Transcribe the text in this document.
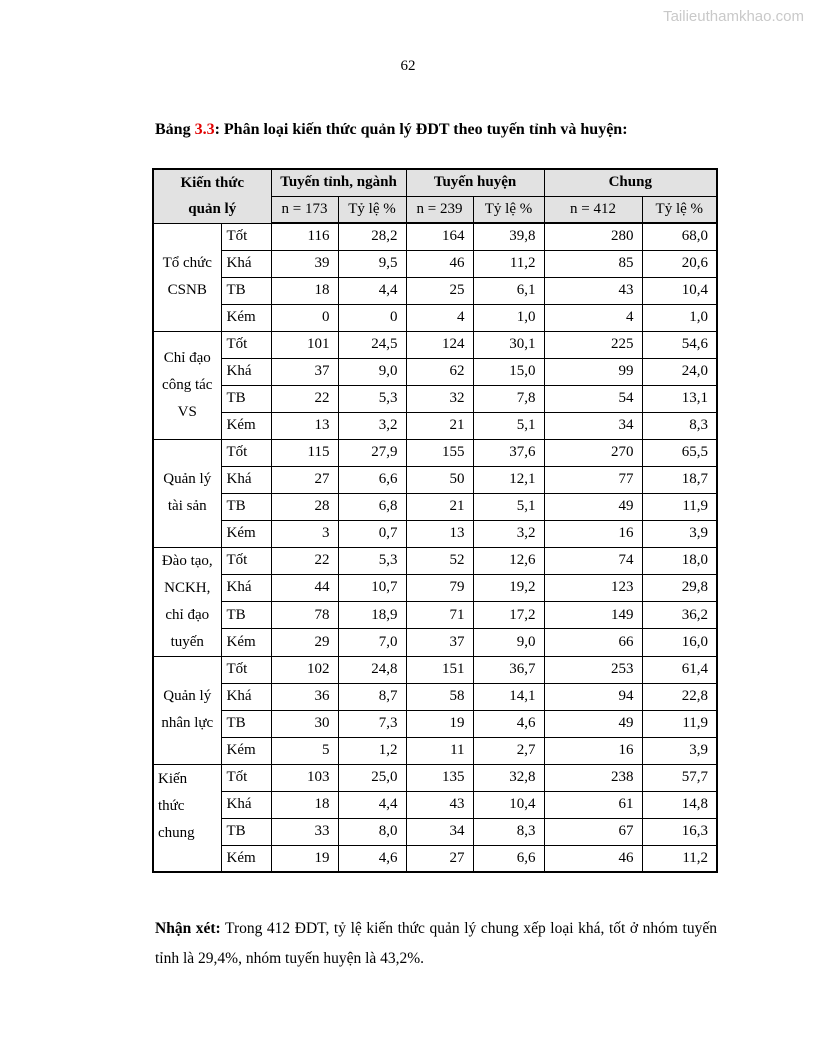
Tailieuthamkhao.com
62
Bảng 3.3: Phân loại kiến thức quản lý ĐDT theo tuyến tỉnh và huyện:
Kiến thức
quản lý		Tuyến tỉnh, ngành		Tuyến huyện		Chung	
		n = 173	Tỷ lệ %	n = 239	Tỷ lệ %	n = 412	Tỷ lệ %

Tổ chức
CSNB	Tốt	116	28,2	164	39,8	280	68,0
	Khá	39	9,5	46	11,2	85	20,6
	TB	18	4,4	25	6,1	43	10,4
	Kém	0	0	4	1,0	4	1,0

Chỉ đạo
công tác
VS	Tốt	101	24,5	124	30,1	225	54,6
	Khá	37	9,0	62	15,0	99	24,0
	TB	22	5,3	32	7,8	54	13,1
	Kém	13	3,2	21	5,1	34	8,3

Quản lý
tài sản	Tốt	115	27,9	155	37,6	270	65,5
	Khá	27	6,6	50	12,1	77	18,7
	TB	28	6,8	21	5,1	49	11,9
	Kém	3	0,7	13	3,2	16	3,9

Đào tạo,
NCKH,
chỉ đạo
tuyến	Tốt	22	5,3	52	12,6	74	18,0
	Khá	44	10,7	79	19,2	123	29,8
	TB	78	18,9	71	17,2	149	36,2
	Kém	29	7,0	37	9,0	66	16,0

Quản lý
nhân lực	Tốt	102	24,8	151	36,7	253	61,4
	Khá	36	8,7	58	14,1	94	22,8
	TB	30	7,3	19	4,6	49	11,9
	Kém	5	1,2	11	2,7	16	3,9

Kiến
thức
chung	Tốt	103	25,0	135	32,8	238	57,7
	Khá	18	4,4	43	10,4	61	14,8
	TB	33	8,0	34	8,3	67	16,3
	Kém	19	4,6	27	6,6	46	11,2

Nhận xét: Trong 412 ĐDT, tỷ lệ kiến thức quản lý chung xếp loại khá, tốt ở nhóm tuyến tỉnh là 29,4%, nhóm tuyến huyện là 43,2%.
